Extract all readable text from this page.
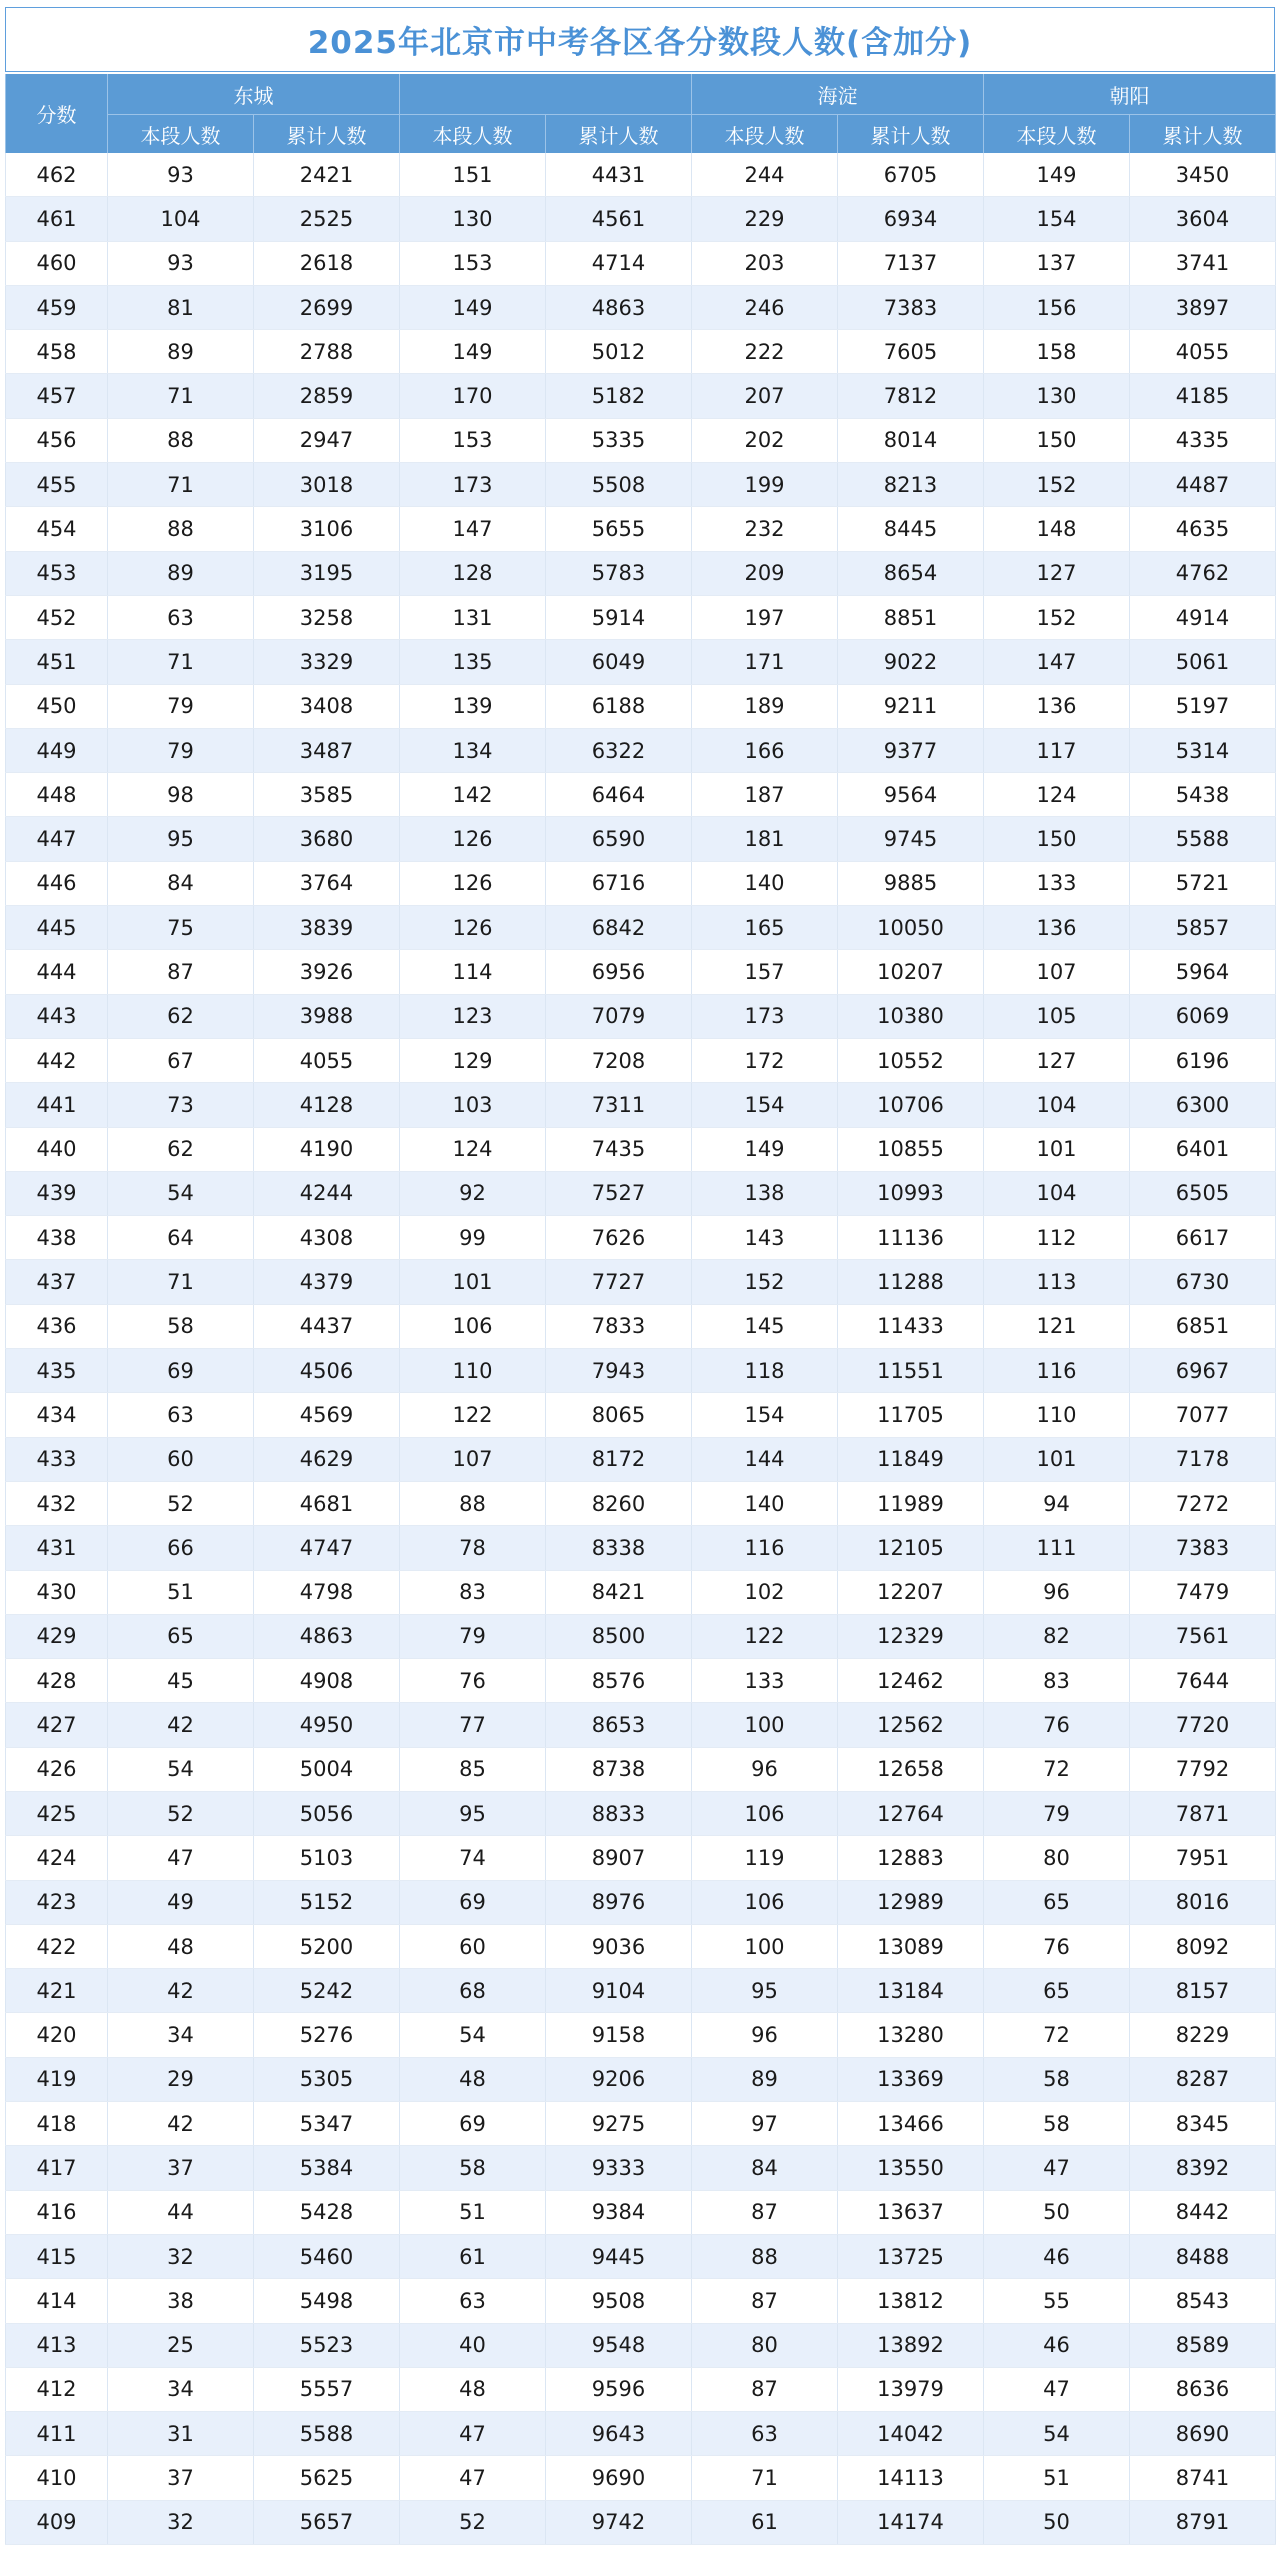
2025年北京市中考各区各分数段人数(含加分)
分数	东城				海淀		朝阳	
	本段人数	累计人数	本段人数	累计人数	本段人数	累计人数	本段人数	累计人数
462	93	2421	151	4431	244	6705	149	3450
461	104	2525	130	4561	229	6934	154	3604
460	93	2618	153	4714	203	7137	137	3741
459	81	2699	149	4863	246	7383	156	3897
458	89	2788	149	5012	222	7605	158	4055
457	71	2859	170	5182	207	7812	130	4185
456	88	2947	153	5335	202	8014	150	4335
455	71	3018	173	5508	199	8213	152	4487
454	88	3106	147	5655	232	8445	148	4635
453	89	3195	128	5783	209	8654	127	4762
452	63	3258	131	5914	197	8851	152	4914
451	71	3329	135	6049	171	9022	147	5061
450	79	3408	139	6188	189	9211	136	5197
449	79	3487	134	6322	166	9377	117	5314
448	98	3585	142	6464	187	9564	124	5438
447	95	3680	126	6590	181	9745	150	5588
446	84	3764	126	6716	140	9885	133	5721
445	75	3839	126	6842	165	10050	136	5857
444	87	3926	114	6956	157	10207	107	5964
443	62	3988	123	7079	173	10380	105	6069
442	67	4055	129	7208	172	10552	127	6196
441	73	4128	103	7311	154	10706	104	6300
440	62	4190	124	7435	149	10855	101	6401
439	54	4244	92	7527	138	10993	104	6505
438	64	4308	99	7626	143	11136	112	6617
437	71	4379	101	7727	152	11288	113	6730
436	58	4437	106	7833	145	11433	121	6851
435	69	4506	110	7943	118	11551	116	6967
434	63	4569	122	8065	154	11705	110	7077
433	60	4629	107	8172	144	11849	101	7178
432	52	4681	88	8260	140	11989	94	7272
431	66	4747	78	8338	116	12105	111	7383
430	51	4798	83	8421	102	12207	96	7479
429	65	4863	79	8500	122	12329	82	7561
428	45	4908	76	8576	133	12462	83	7644
427	42	4950	77	8653	100	12562	76	7720
426	54	5004	85	8738	96	12658	72	7792
425	52	5056	95	8833	106	12764	79	7871
424	47	5103	74	8907	119	12883	80	7951
423	49	5152	69	8976	106	12989	65	8016
422	48	5200	60	9036	100	13089	76	8092
421	42	5242	68	9104	95	13184	65	8157
420	34	5276	54	9158	96	13280	72	8229
419	29	5305	48	9206	89	13369	58	8287
418	42	5347	69	9275	97	13466	58	8345
417	37	5384	58	9333	84	13550	47	8392
416	44	5428	51	9384	87	13637	50	8442
415	32	5460	61	9445	88	13725	46	8488
414	38	5498	63	9508	87	13812	55	8543
413	25	5523	40	9548	80	13892	46	8589
412	34	5557	48	9596	87	13979	47	8636
411	31	5588	47	9643	63	14042	54	8690
410	37	5625	47	9690	71	14113	51	8741
409	32	5657	52	9742	61	14174	50	8791
